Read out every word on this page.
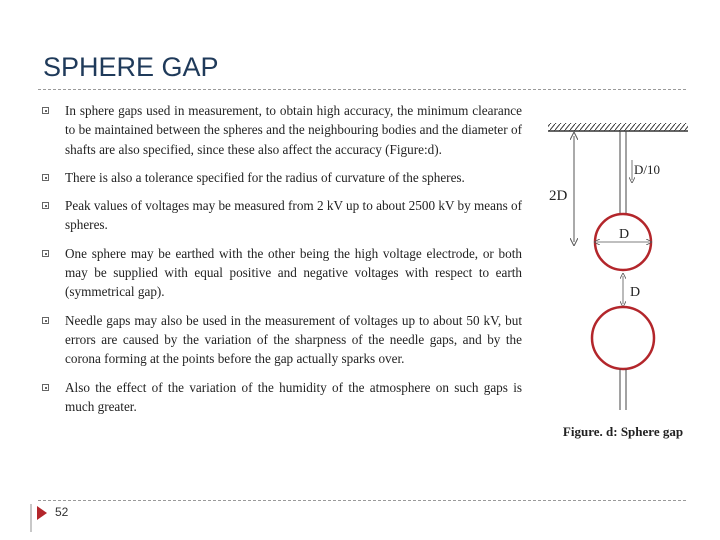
SPHERE GAP
In sphere gaps used in measurement, to obtain high accuracy, the minimum clearance to be maintained between the spheres and the neighbouring bodies and the diameter of shafts are also specified, since these also affect the accuracy (Figure:d).
There is also a tolerance specified for the radius of curvature of the spheres.
Peak values of voltages may be measured from 2 kV up to about 2500 kV by means of spheres.
One sphere may be earthed with the other being the high voltage electrode, or both may be supplied with equal positive and negative voltages with respect to earth (symmetrical gap).
Needle gaps may also be used in the measurement of voltages up to about 50 kV, but errors are caused by the variation of the sharpness of the needle gaps, and by the corona forming at the points before the gap actually sparks over.
Also the effect of the variation of the humidity of the atmosphere on such gaps is much greater.
2D
D/10
D
D
Figure. d: Sphere gap
52
